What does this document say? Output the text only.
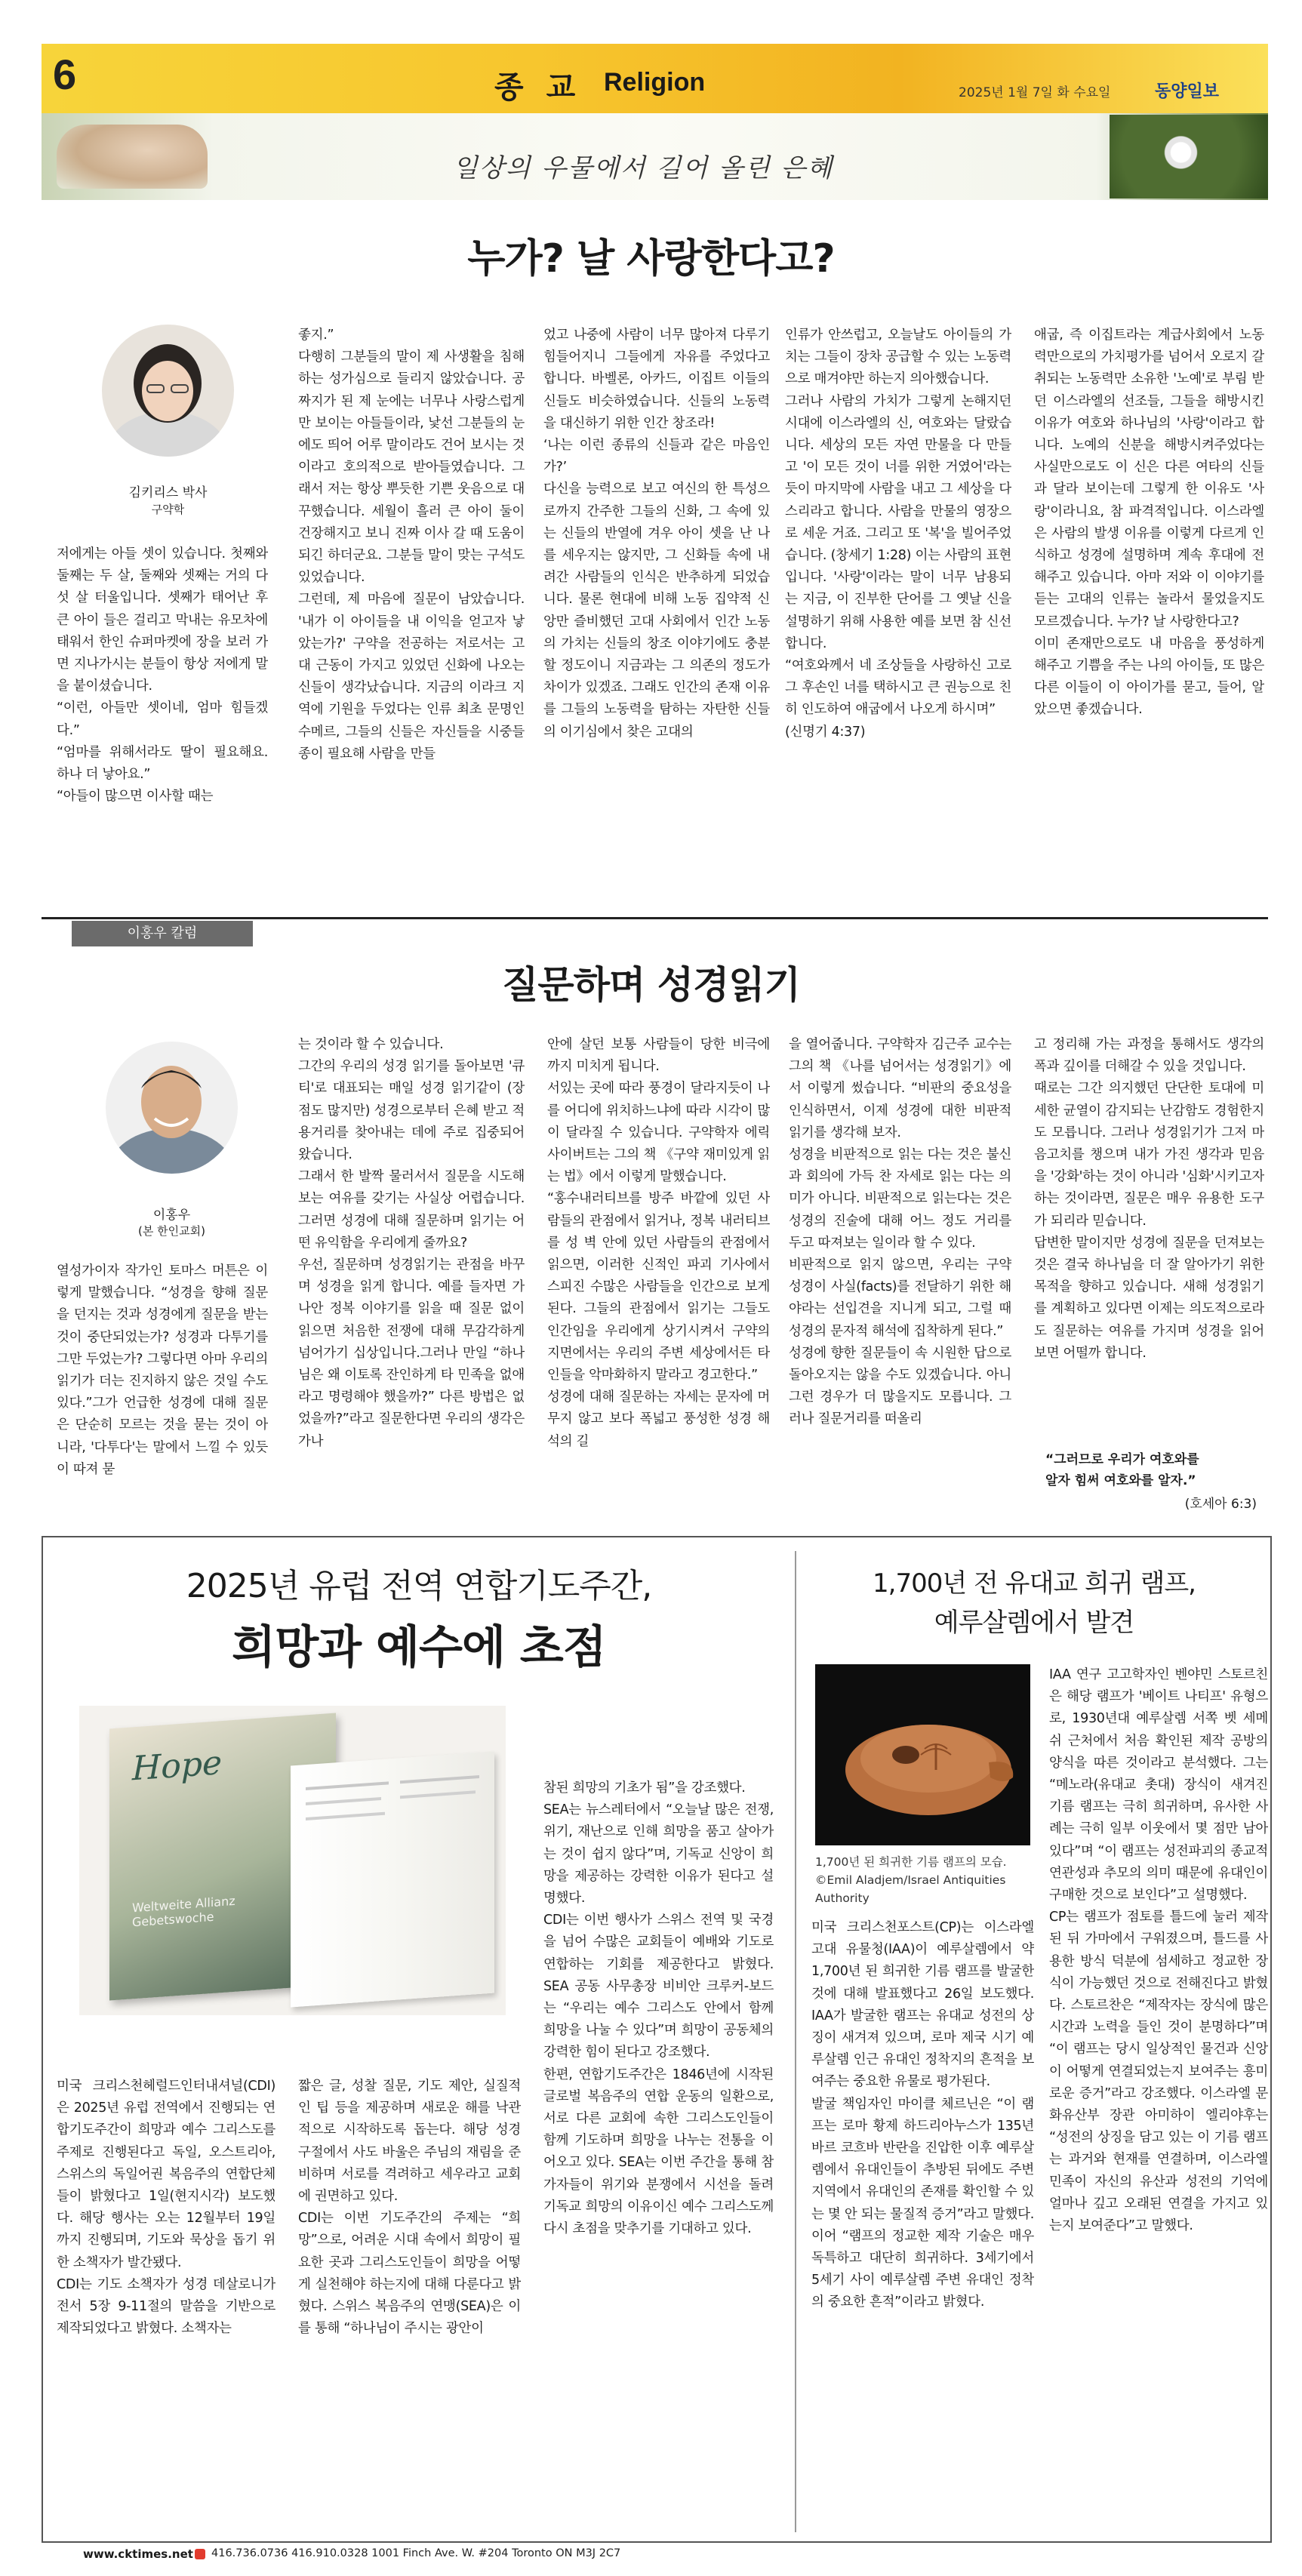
6	종 교 Religion	2025년 1월 7일 화 수요일	동양일보
일상의 우물에서 길어 올린 은혜
누가? 날 사랑한다고?
김키리스 박사
구약학
저에게는 아들 셋이 있습니다. 첫째와 둘째는 두 살, 둘째와 셋째는 거의 다섯 살 터울입니다. 셋째가 태어난 후 큰 아이 들은 걸리고 막내는 유모차에 태워서 한인 슈퍼마켓에 장을 보러 가면 지나가시는 분들이 항상 저에게 말을 붙이셨습니다.
“이런, 아들만 셋이네, 엄마 힘들겠다.”
“엄마를 위해서라도 딸이 필요해요. 하나 더 낳아요.”
“아들이 많으면 이사할 때는
좋지.”
다행히 그분들의 말이 제 사생활을 침해하는 성가심으로 들리지 않았습니다. 공짜지가 된 제 눈에는 너무나 사랑스럽게만 보이는 아들들이라, 낯선 그분들의 눈에도 띄어 어루 말이라도 건어 보시는 것이라고 호의적으로 받아들였습니다. 그래서 저는 항상 뿌듯한 기쁜 웃음으로 대꾸했습니다. 세월이 흘러 큰 아이 둘이 건장해지고 보니 진짜 이사 갈 때 도움이 되긴 하더군요. 그분들 말이 맞는 구석도 있었습니다.
그런데, 제 마음에 질문이 남았습니다. '내가 이 아이들을 내 이익을 얻고자 낳았는가?' 구약을 전공하는 저로서는 고대 근동이 가지고 있었던 신화에 나오는 신들이 생각났습니다. 지금의 이라크 지역에 기원을 두었다는 인류 최초 문명인 수메르, 그들의 신들은 자신들을 시중들 종이 필요해 사람을 만들
었고 나중에 사람이 너무 많아져 다루기 힘들어지니 그들에게 자유를 주었다고 합니다. 바벨론, 아카드, 이집트 이들의 신들도 비슷하였습니다. 신들의 노동력을 대신하기 위한 인간 창조라!
‘나는 이런 종류의 신들과 같은 마음인가?’
다신을 능력으로 보고 여신의 한 특성으로까지 간주한 그들의 신화, 그 속에 있는 신들의 반열에 겨우 아이 셋을 난 나를 세우지는 않지만, 그 신화들 속에 내려간 사람들의 인식은 반추하게 되었습니다. 물론 현대에 비해 노동 집약적 신앙만 즐비했던 고대 사회에서 인간 노동의 가치는 신들의 창조 이야기에도 충분할 정도이니 지금과는 그 의존의 정도가 차이가 있겠죠. 그래도 인간의 존재 이유를 그들의 노동력을 탐하는 자탄한 신들의 이기심에서 찾은 고대의
인류가 안쓰럽고, 오늘날도 아이들의 가치는 그들이 장차 공급할 수 있는 노동력으로 매겨야만 하는지 의아했습니다.
그러나 사람의 가치가 그렇게 논해지던 시대에 이스라엘의 신, 여호와는 달랐습니다. 세상의 모든 자연 만물을 다 만들고 '이 모든 것이 너를 위한 거였어'라는 듯이 마지막에 사람을 내고 그 세상을 다스리라고 합니다. 사람을 만물의 영장으로 세운 거죠. 그리고 또 '복'을 빌어주었습니다. (창세기 1:28) 이는 사람의 표현입니다. '사랑'이라는 말이 너무 남용되는 지금, 이 진부한 단어를 그 옛날 신을 설명하기 위해 사용한 예를 보면 참 신선합니다.
“여호와께서 네 조상들을 사랑하신 고로 그 후손인 너를 택하시고 큰 권능으로 친히 인도하여 애굽에서 나오게 하시며”
(신명기 4:37)
애굽, 즉 이집트라는 계급사회에서 노동력만으로의 가치평가를 넘어서 오로지 갈취되는 노동력만 소유한 '노예'로 부림 받던 이스라엘의 선조들, 그들을 해방시킨 이유가 여호와 하나님의 '사랑'이라고 합니다. 노예의 신분을 해방시켜주었다는 사실만으로도 이 신은 다른 여타의 신들과 달라 보이는데 그렇게 한 이유도 '사랑'이라니요, 참 파격적입니다. 이스라엘은 사람의 발생 이유를 이렇게 다르게 인식하고 성경에 설명하며 계속 후대에 전해주고 있습니다. 아마 저와 이 이야기를 듣는 고대의 인류는 놀라서 물었을지도 모르겠습니다. 누가? 날 사랑한다고?
이미 존재만으로도 내 마음을 풍성하게 해주고 기쁨을 주는 나의 아이들, 또 많은 다른 이들이 이 아이가를 묻고, 들어, 알았으면 좋겠습니다.
이홍우 칼럼
질문하며 성경읽기
이홍우
(본 한인교회)
열성가이자 작가인 토마스 머튼은 이렇게 말했습니다. “성경을 향해 질문을 던지는 것과 성경에게 질문을 받는 것이 중단되었는가? 성경과 다투기를 그만 두었는가? 그렇다면 아마 우리의 읽기가 더는 진지하지 않은 것일 수도 있다.”그가 언급한 성경에 대해 질문은 단순히 모르는 것을 묻는 것이 아니라, '다투다'는 말에서 느낄 수 있듯이 따져 묻
는 것이라 할 수 있습니다.
그간의 우리의 성경 읽기를 돌아보면 '큐티'로 대표되는 매일 성경 읽기같이 (장점도 많지만) 성경으로부터 은혜 받고 적용거리를 찾아내는 데에 주로 집중되어 왔습니다.
그래서 한 발짝 물러서서 질문을 시도해 보는 여유를 갖기는 사실상 어렵습니다. 그러면 성경에 대해 질문하며 읽기는 어떤 유익함을 우리에게 줄까요?
우선, 질문하며 성경읽기는 관점을 바꾸며 성경을 읽게 합니다. 예를 들자면 가나안 정복 이야기를 읽을 때 질문 없이 읽으면 처음한 전쟁에 대해 무감각하게 넘어가기 십상입니다.그러나 만일 “하나님은 왜 이토록 잔인하게 타 민족을 없애라고 명령해야 했을까?” 다른 방법은 없었을까?”라고 질문한다면 우리의 생각은 가나
안에 살던 보통 사람들이 당한 비극에 까지 미치게 됩니다.
서있는 곳에 따라 풍경이 달라지듯이 나를 어디에 위치하느냐에 따라 시각이 많이 달라질 수 있습니다. 구약학자 에릭 사이버트는 그의 책 《구약 재미있게 읽는 법》에서 이렇게 말했습니다.
“홍수내러티브를 방주 바깥에 있던 사람들의 관점에서 읽거나, 정복 내러티브를 성 벽 안에 있던 사람들의 관점에서 읽으면, 이러한 신적인 파괴 기사에서 스피진 수많은 사람들을 인간으로 보게 된다. 그들의 관점에서 읽기는 그들도 인간임을 우리에게 상기시켜서 구약의 지면에서는 우리의 주변 세상에서든 타인들을 악마화하지 말라고 경고한다.”
성경에 대해 질문하는 자세는 문자에 머무지 않고 보다 폭넓고 풍성한 성경 해석의 길
을 열어줍니다. 구약학자 김근주 교수는 그의 책 《나를 넘어서는 성경읽기》에서 이렇게 썼습니다. “비판의 중요성을 인식하면서, 이제 성경에 대한 비판적 읽기를 생각해 보자.
성경을 비판적으로 읽는 다는 것은 불신과 회의에 가득 찬 자세로 읽는 다는 의미가 아니다. 비판적으로 읽는다는 것은 성경의 진술에 대해 어느 정도 거리를 두고 따져보는 일이라 할 수 있다.
비판적으로 읽지 않으면, 우리는 구약 성경이 사실(facts)를 전달하기 위한 해야라는 선입견을 지니게 되고, 그럴 때 성경의 문자적 해석에 집착하게 된다.”
성경에 향한 질문들이 속 시원한 답으로 돌아오지는 않을 수도 있겠습니다. 아니 그런 경우가 더 많을지도 모릅니다. 그러나 질문거리를 떠올리
고 정리해 가는 과정을 통해서도 생각의 폭과 깊이를 더해갈 수 있을 것입니다.
때로는 그간 의지했던 단단한 토대에 미세한 균열이 감지되는 난감함도 경험한지도 모릅니다. 그러나 성경읽기가 그저 마음고치를 챙으며 내가 가진 생각과 믿음을 '강화'하는 것이 아니라 '심화'시키고자 하는 것이라면, 질문은 매우 유용한 도구가 되리라 믿습니다.
답변한 말이지만 성경에 질문을 던져보는 것은 결국 하나님을 더 잘 알아가기 위한 목적을 향하고 있습니다. 새해 성경읽기를 계획하고 있다면 이제는 의도적으로라도 질문하는 여유를 가지며 성경을 읽어 보면 어떨까 합니다.
“그러므로 우리가 여호와를
알자 힘써 여호와를 알자.”
(호세아 6:3)
2025년 유럽 전역 연합기도주간,
희망과 예수에 초점
Hope
Weltweite Allianz Gebetswoche
미국 크리스천헤럴드인터내셔널(CDI)은 2025년 유럽 전역에서 진행되는 연합기도주간이 희망과 예수 그리스도를 주제로 진행된다고 독일, 오스트리아, 스위스의 독일어권 복음주의 연합단체들이 밝혔다고 1일(현지시각) 보도했다. 해당 행사는 오는 12월부터 19일까지 진행되며, 기도와 묵상을 돕기 위한 소책자가 발간됐다.
CDI는 기도 소책자가 성경 데살로니가전서 5장 9-11절의 말씀을 기반으로 제작되었다고 밝혔다. 소책자는
짧은 글, 성찰 질문, 기도 제안, 실질적인 팁 등을 제공하며 새로운 해를 낙관적으로 시작하도록 돕는다. 해당 성경 구절에서 사도 바울은 주님의 재림을 준비하며 서로를 격려하고 세우라고 교회에 권면하고 있다.
CDI는 이번 기도주간의 주제는 “희망”으로, 어려운 시대 속에서 희망이 필요한 곳과 그리스도인들이 희망을 어떻게 실천해야 하는지에 대해 다룬다고 밝혔다. 스위스 복음주의 연맹(SEA)은 이를 통해 “하나님이 주시는 광안이
참된 희망의 기초가 됨”을 강조했다.
SEA는 뉴스레터에서 “오늘날 많은 전쟁, 위기, 재난으로 인해 희망을 품고 살아가는 것이 쉽지 않다”며, 기독교 신앙이 희망을 제공하는 강력한 이유가 된다고 설명했다.
CDI는 이번 행사가 스위스 전역 및 국경을 넘어 수많은 교회들이 예배와 기도로 연합하는 기회를 제공한다고 밝혔다. SEA 공동 사무총장 비비안 크루커-보드는 “우리는 예수 그리스도 안에서 함께 희망을 나눌 수 있다”며 희망이 공동체의 강력한 힘이 된다고 강조했다.
한편, 연합기도주간은 1846년에 시작된 글로벌 복음주의 연합 운동의 일환으로, 서로 다른 교회에 속한 그리스도인들이 함께 기도하며 희망을 나누는 전통을 이어오고 있다. SEA는 이번 주간을 통해 참가자들이 위기와 분쟁에서 시선을 돌려 기독교 희망의 이유이신 예수 그리스도께 다시 초점을 맞추기를 기대하고 있다.
1,700년 전 유대교 희귀 램프,
예루살렘에서 발견
1,700년 된 희귀한 기름 램프의 모습. ©Emil Aladjem/Israel Antiquities Authority
미국 크리스천포스트(CP)는 이스라엘 고대 유물청(IAA)이 예루살렘에서 약 1,700년 된 희귀한 기름 램프를 발굴한 것에 대해 발표했다고 26일 보도했다. IAA가 발굴한 램프는 유대교 성전의 상징이 새겨져 있으며, 로마 제국 시기 예루살렘 인근 유대인 정착지의 흔적을 보여주는 중요한 유물로 평가된다.
발굴 책임자인 마이클 체르닌은 “이 램프는 로마 황제 하드리아누스가 135년 바르 코흐바 반란을 진압한 이후 예루살렘에서 유대인들이 추방된 뒤에도 주변 지역에서 유대인의 존재를 확인할 수 있는 몇 안 되는 물질적 증거”라고 말했다. 이어 “램프의 정교한 제작 기술은 매우 독특하고 대단히 희귀하다. 3세기에서 5세기 사이 예루살렘 주변 유대인 정착의 중요한 흔적”이라고 밝혔다.
IAA 연구 고고학자인 벤야민 스토르친은 해당 램프가 '베이트 나티프' 유형으로, 1930년대 예루살렘 서쪽 벳 세메쉬 근처에서 처음 확인된 제작 공방의 양식을 따른 것이라고 분석했다. 그는 “메노라(유대교 촛대) 장식이 새겨진 기름 램프는 극히 희귀하며, 유사한 사례는 극히 일부 이웃에서 몇 점만 남아 있다”며 “이 램프는 성전파괴의 종교적 연관성과 추모의 의미 때문에 유대인이 구매한 것으로 보인다”고 설명했다.
CP는 램프가 점토를 틀드에 눌러 제작된 뒤 가마에서 구워졌으며, 틀드를 사용한 방식 덕분에 섬세하고 정교한 장식이 가능했던 것으로 전해진다고 밝혔다. 스토르찬은 “제작자는 장식에 많은 시간과 노력을 들인 것이 분명하다”며 “이 램프는 당시 일상적인 물건과 신앙이 어떻게 연결되었는지 보여주는 흥미로운 증거”라고 강조했다. 이스라엘 문화유산부 장관 아미하이 엘리야후는 “성전의 상징을 담고 있는 이 기름 램프는 과거와 현재를 연결하며, 이스라엘 민족이 자신의 유산과 성전의 기억에 얼마나 깊고 오래된 연결을 가지고 있는지 보여준다”고 말했다.
www.cktimes.net 416.736.0736 416.910.0328 1001 Finch Ave. W. #204 Toronto ON M3J 2C7
